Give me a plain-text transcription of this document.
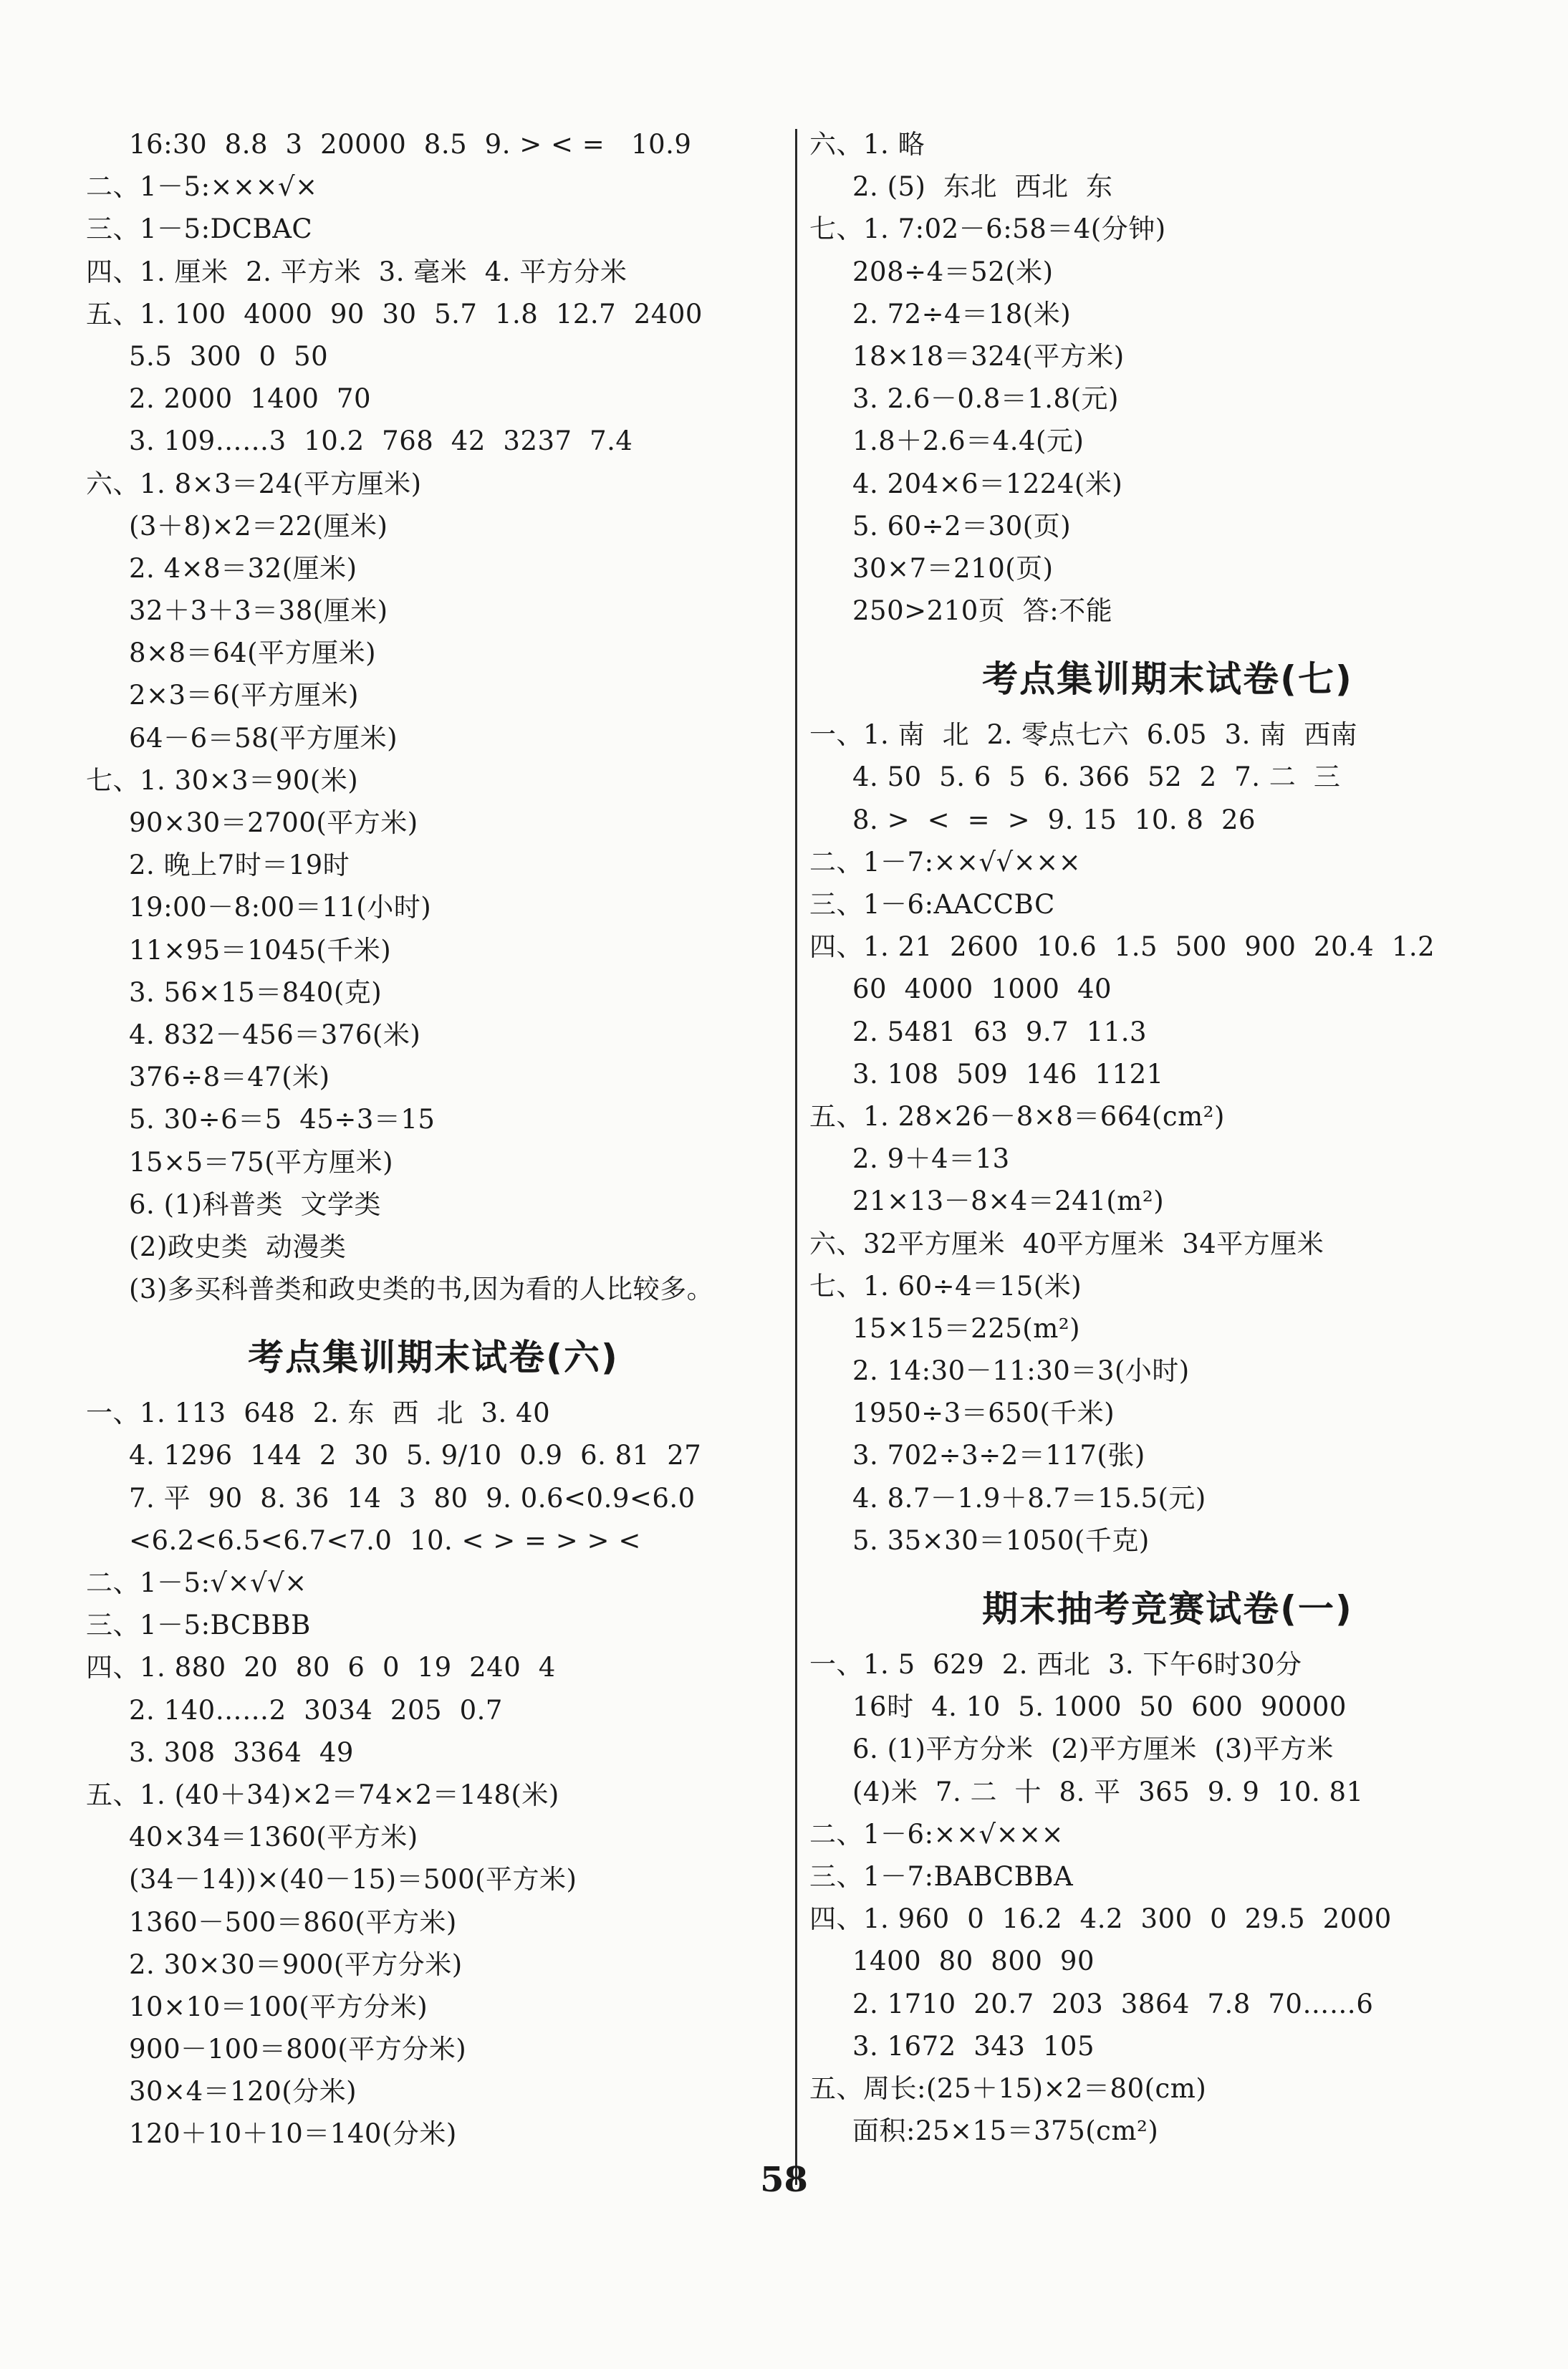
16:30  8.8  3  20000  8.5  9. > < =   10.9
二、1－5:×××√×
三、1－5:DCBAC
四、1. 厘米  2. 平方米  3. 毫米  4. 平方分米
五、1. 100  4000  90  30  5.7  1.8  12.7  2400
5.5  300  0  50
2. 2000  1400  70
3. 109……3  10.2  768  42  3237  7.4
六、1. 8×3＝24(平方厘米)
(3＋8)×2＝22(厘米)
2. 4×8＝32(厘米)
32＋3＋3＝38(厘米)
8×8＝64(平方厘米)
2×3＝6(平方厘米)
64－6＝58(平方厘米)
七、1. 30×3＝90(米)
90×30＝2700(平方米)
2. 晚上7时＝19时
19:00－8:00＝11(小时)
11×95＝1045(千米)
3. 56×15＝840(克)
4. 832－456＝376(米)
376÷8＝47(米)
5. 30÷6＝5  45÷3＝15
15×5＝75(平方厘米)
6. (1)科普类  文学类
(2)政史类  动漫类
(3)多买科普类和政史类的书,因为看的人比较多。
考点集训期末试卷(六)
一、1. 113  648  2. 东  西  北  3. 40
4. 1296  144  2  30  5. 9/10  0.9  6. 81  27
7. 平  90  8. 36  14  3  80  9. 0.6<0.9<6.0
<6.2<6.5<6.7<7.0  10. < > = > > <
二、1－5:√×√√×
三、1－5:BCBBB
四、1. 880  20  80  6  0  19  240  4
2. 140……2  3034  205  0.7
3. 308  3364  49
五、1. (40＋34)×2＝74×2＝148(米)
40×34＝1360(平方米)
(34－14))×(40－15)＝500(平方米)
1360－500＝860(平方米)
2. 30×30＝900(平方分米)
10×10＝100(平方分米)
900－100＝800(平方分米)
30×4＝120(分米)
120＋10＋10＝140(分米)
六、1. 略
2. (5)  东北  西北  东
七、1. 7:02－6:58＝4(分钟)
208÷4＝52(米)
2. 72÷4＝18(米)
18×18＝324(平方米)
3. 2.6－0.8＝1.8(元)
1.8＋2.6＝4.4(元)
4. 204×6＝1224(米)
5. 60÷2＝30(页)
30×7＝210(页)
250>210页  答:不能
考点集训期末试卷(七)
一、1. 南  北  2. 零点七六  6.05  3. 南  西南
4. 50  5. 6  5  6. 366  52  2  7. 二  三
8. >  <  =  >  9. 15  10. 8  26
二、1－7:××√√×××
三、1－6:AACCBC
四、1. 21  2600  10.6  1.5  500  900  20.4  1.2
60  4000  1000  40
2. 5481  63  9.7  11.3
3. 108  509  146  1121
五、1. 28×26－8×8＝664(cm²)
2. 9＋4＝13
21×13－8×4＝241(m²)
六、32平方厘米  40平方厘米  34平方厘米
七、1. 60÷4＝15(米)
15×15＝225(m²)
2. 14:30－11:30＝3(小时)
1950÷3＝650(千米)
3. 702÷3÷2＝117(张)
4. 8.7－1.9＋8.7＝15.5(元)
5. 35×30＝1050(千克)
期末抽考竞赛试卷(一)
一、1. 5  629  2. 西北  3. 下午6时30分
16时  4. 10  5. 1000  50  600  90000
6. (1)平方分米  (2)平方厘米  (3)平方米
(4)米  7. 二  十  8. 平  365  9. 9  10. 81
二、1－6:××√×××
三、1－7:BABCBBA
四、1. 960  0  16.2  4.2  300  0  29.5  2000
1400  80  800  90
2. 1710  20.7  203  3864  7.8  70……6
3. 1672  343  105
五、周长:(25＋15)×2＝80(cm)
面积:25×15＝375(cm²)
58
